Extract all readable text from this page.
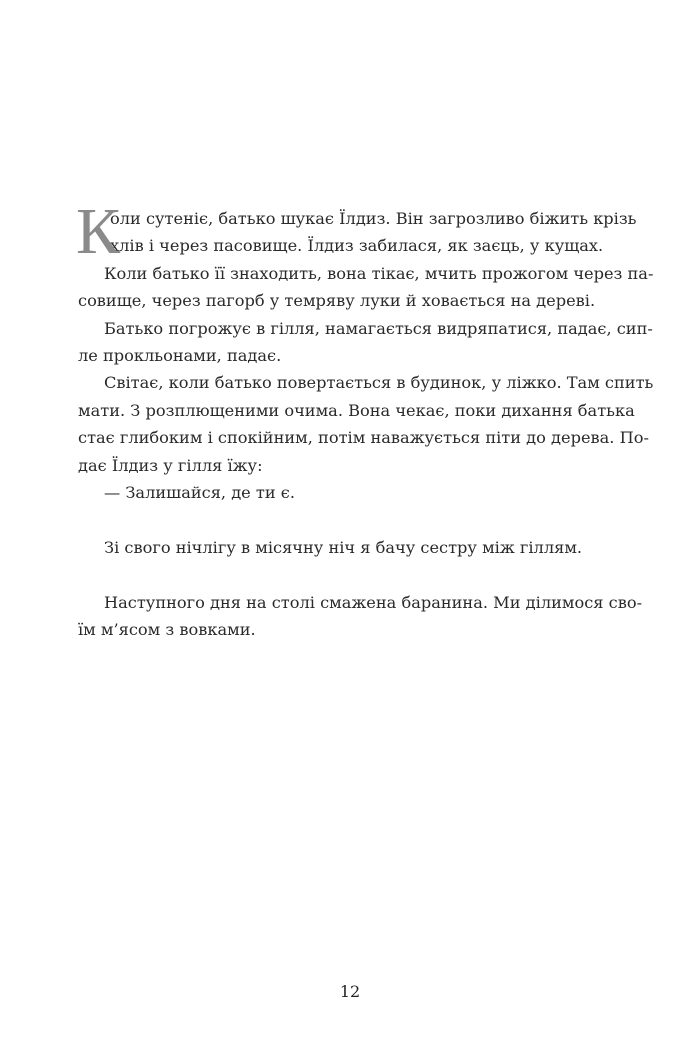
К
оли сутеніє, батько шукає Їлдиз. Він загрозливо біжить крізь
хлів і через пасовище. Їлдиз забилася, як заєць, у кущах.
Коли батько її знаходить, вона тікає, мчить прожогом через па-
совище, через пагорб у темряву луки й ховається на дереві.
Батько погрожує в гілля, намагається видряпатися, падає, сип-
ле прокльонами, падає.
Світає, коли батько повертається в будинок, у ліжко. Там спить
мати. З розплющеними очима. Вона чекає, поки дихання батька
стає глибоким і спокійним, потім наважується піти до дерева. По-
дає Їлдиз у гілля їжу:
— Залишайся, де ти є.
Зі свого нічлігу в місячну ніч я бачу сестру між гіллям.
Наступного дня на столі смажена баранина. Ми ділимося сво-
їм м’ясом з вовками.
12
